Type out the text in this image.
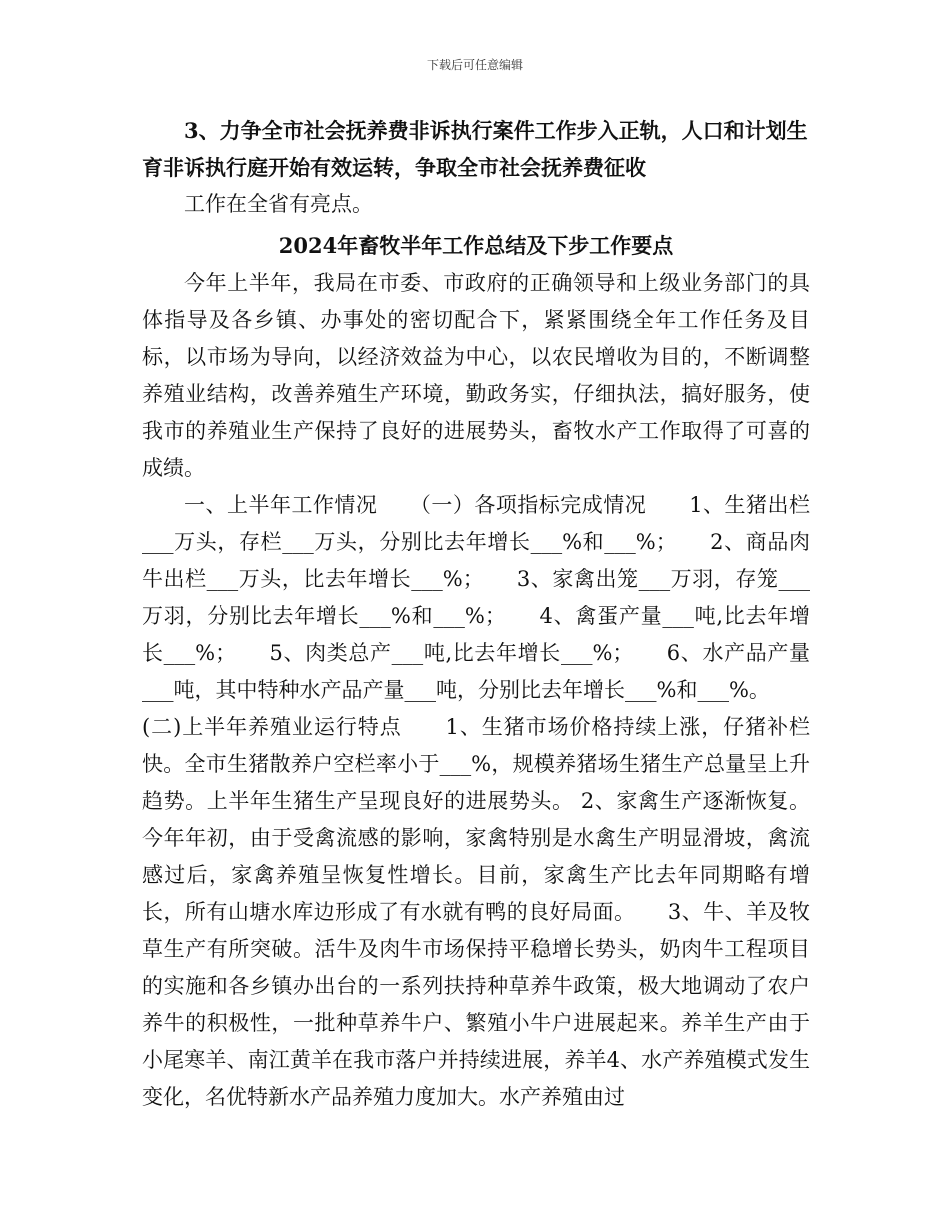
下载后可任意编辑

3、力争全市社会抚养费非诉执行案件工作步入正轨，人口和计划生育非诉执行庭开始有效运转，争取全市社会抚养费征收

工作在全省有亮点。

2024年畜牧半年工作总结及下步工作要点

今年上半年，我局在市委、市政府的正确领导和上级业务部门的具体指导及各乡镇、办事处的密切配合下，紧紧围绕全年工作任务及目标，以市场为导向，以经济效益为中心，以农民增收为目的，不断调整养殖业结构，改善养殖生产环境，勤政务实，仔细执法，搞好服务，使我市的养殖业生产保持了良好的进展势头，畜牧水产工作取得了可喜的成绩。

一、上半年工作情况　　（一）各项指标完成情况　　1、生猪出栏___万头，存栏___万头，分别比去年增长___%和___%；　　2、商品肉牛出栏___万头，比去年增长___%；　　3、家禽出笼___万羽，存笼___万羽，分别比去年增长___%和___%；　　4、禽蛋产量___吨,比去年增长___%；　　5、肉类总产___吨,比去年增长___%；　　6、水产品产量___吨，其中特种水产品产量___吨，分别比去年增长___%和___%。

(二)上半年养殖业运行特点　　1、生猪市场价格持续上涨，仔猪补栏快。全市生猪散养户空栏率小于___%，规模养猪场生猪生产总量呈上升趋势。上半年生猪生产呈现良好的进展势头。 2、家禽生产逐渐恢复。今年年初，由于受禽流感的影响，家禽特别是水禽生产明显滑坡，禽流感过后，家禽养殖呈恢复性增长。目前，家禽生产比去年同期略有增长，所有山塘水库边形成了有水就有鸭的良好局面。　　3、牛、羊及牧草生产有所突破。活牛及肉牛市场保持平稳增长势头，奶肉牛工程项目的实施和各乡镇办出台的一系列扶持种草养牛政策，极大地调动了农户养牛的积极性，一批种草养牛户、繁殖小牛户进展起来。养羊生产由于小尾寒羊、南江黄羊在我市落户并持续进展，养羊4、水产养殖模式发生变化，名优特新水产品养殖力度加大。水产养殖由过
